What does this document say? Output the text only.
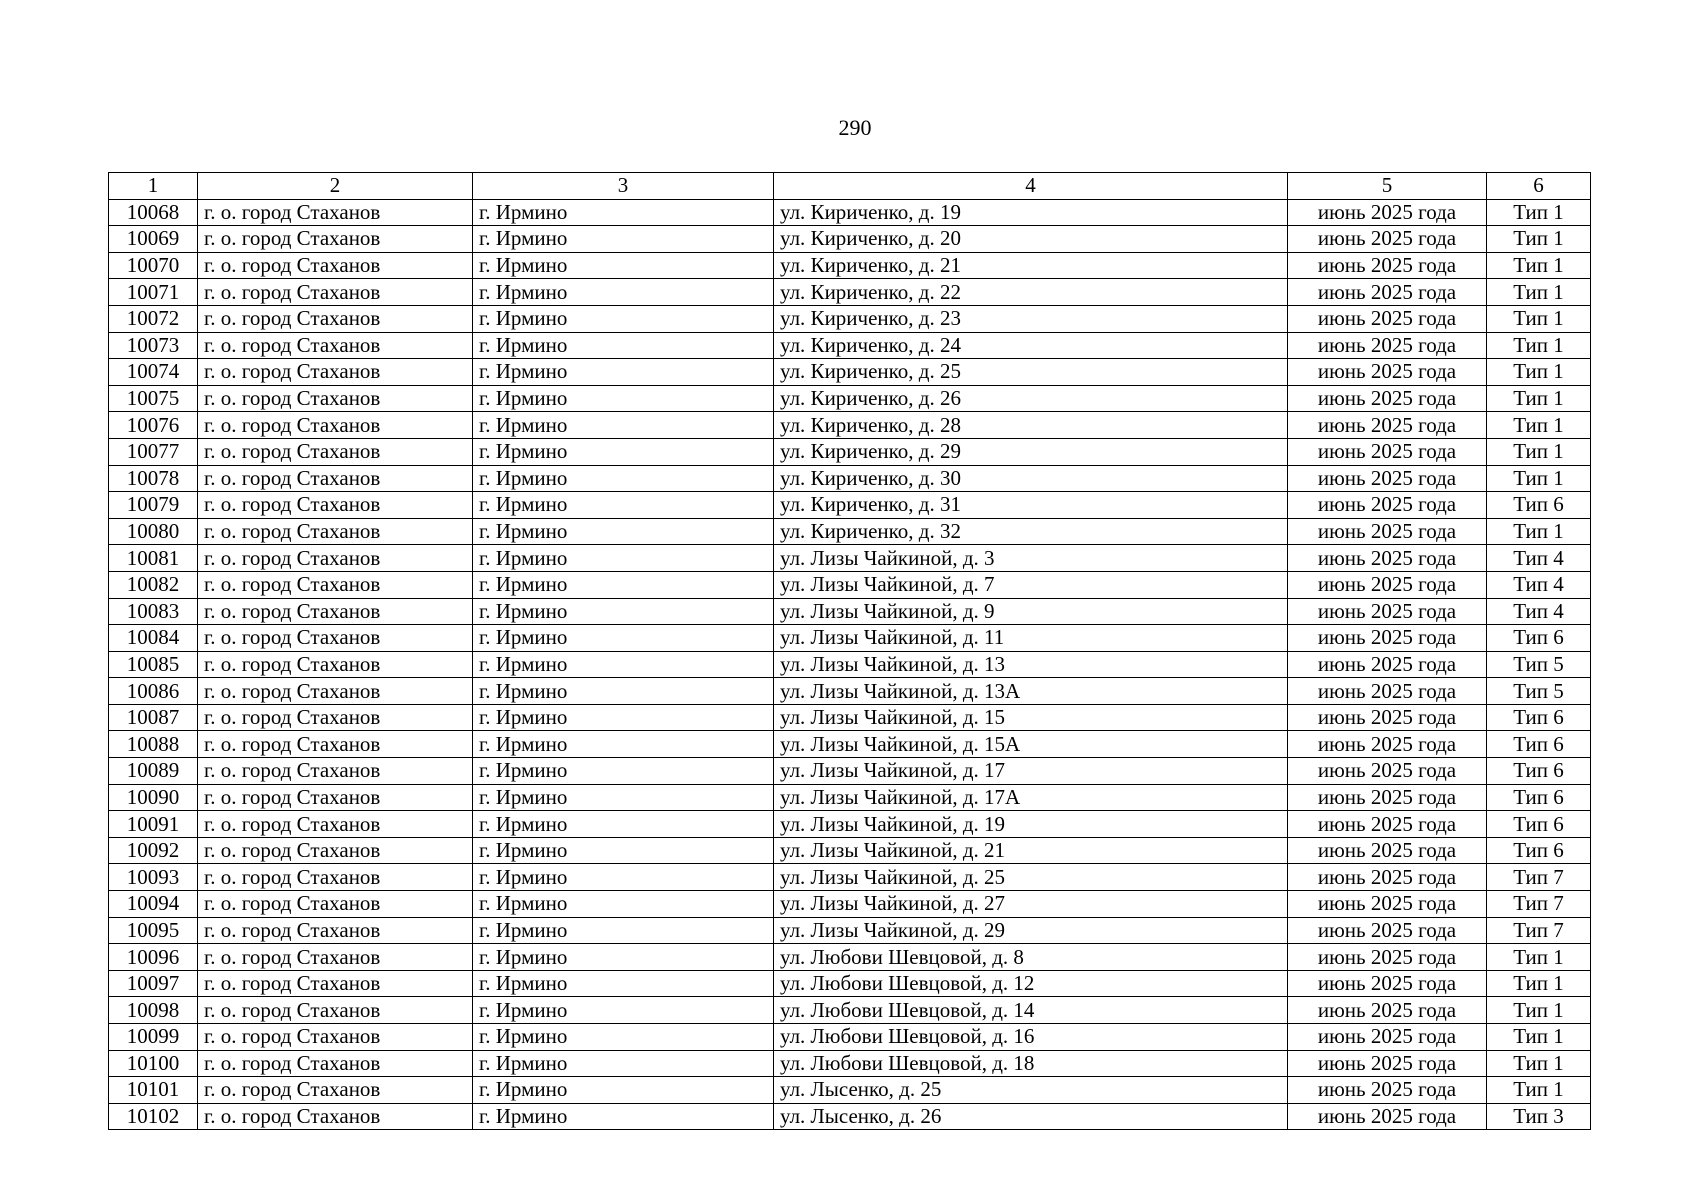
290
1	2	3	4	5	6
10068	г. о. город Стаханов	г. Ирмино	ул. Кириченко, д. 19	июнь 2025 года	Тип 1
10069	г. о. город Стаханов	г. Ирмино	ул. Кириченко, д. 20	июнь 2025 года	Тип 1
10070	г. о. город Стаханов	г. Ирмино	ул. Кириченко, д. 21	июнь 2025 года	Тип 1
10071	г. о. город Стаханов	г. Ирмино	ул. Кириченко, д. 22	июнь 2025 года	Тип 1
10072	г. о. город Стаханов	г. Ирмино	ул. Кириченко, д. 23	июнь 2025 года	Тип 1
10073	г. о. город Стаханов	г. Ирмино	ул. Кириченко, д. 24	июнь 2025 года	Тип 1
10074	г. о. город Стаханов	г. Ирмино	ул. Кириченко, д. 25	июнь 2025 года	Тип 1
10075	г. о. город Стаханов	г. Ирмино	ул. Кириченко, д. 26	июнь 2025 года	Тип 1
10076	г. о. город Стаханов	г. Ирмино	ул. Кириченко, д. 28	июнь 2025 года	Тип 1
10077	г. о. город Стаханов	г. Ирмино	ул. Кириченко, д. 29	июнь 2025 года	Тип 1
10078	г. о. город Стаханов	г. Ирмино	ул. Кириченко, д. 30	июнь 2025 года	Тип 1
10079	г. о. город Стаханов	г. Ирмино	ул. Кириченко, д. 31	июнь 2025 года	Тип 6
10080	г. о. город Стаханов	г. Ирмино	ул. Кириченко, д. 32	июнь 2025 года	Тип 1
10081	г. о. город Стаханов	г. Ирмино	ул. Лизы Чайкиной, д. 3	июнь 2025 года	Тип 4
10082	г. о. город Стаханов	г. Ирмино	ул. Лизы Чайкиной, д. 7	июнь 2025 года	Тип 4
10083	г. о. город Стаханов	г. Ирмино	ул. Лизы Чайкиной, д. 9	июнь 2025 года	Тип 4
10084	г. о. город Стаханов	г. Ирмино	ул. Лизы Чайкиной, д. 11	июнь 2025 года	Тип 6
10085	г. о. город Стаханов	г. Ирмино	ул. Лизы Чайкиной, д. 13	июнь 2025 года	Тип 5
10086	г. о. город Стаханов	г. Ирмино	ул. Лизы Чайкиной, д. 13А	июнь 2025 года	Тип 5
10087	г. о. город Стаханов	г. Ирмино	ул. Лизы Чайкиной, д. 15	июнь 2025 года	Тип 6
10088	г. о. город Стаханов	г. Ирмино	ул. Лизы Чайкиной, д. 15А	июнь 2025 года	Тип 6
10089	г. о. город Стаханов	г. Ирмино	ул. Лизы Чайкиной, д. 17	июнь 2025 года	Тип 6
10090	г. о. город Стаханов	г. Ирмино	ул. Лизы Чайкиной, д. 17А	июнь 2025 года	Тип 6
10091	г. о. город Стаханов	г. Ирмино	ул. Лизы Чайкиной, д. 19	июнь 2025 года	Тип 6
10092	г. о. город Стаханов	г. Ирмино	ул. Лизы Чайкиной, д. 21	июнь 2025 года	Тип 6
10093	г. о. город Стаханов	г. Ирмино	ул. Лизы Чайкиной, д. 25	июнь 2025 года	Тип 7
10094	г. о. город Стаханов	г. Ирмино	ул. Лизы Чайкиной, д. 27	июнь 2025 года	Тип 7
10095	г. о. город Стаханов	г. Ирмино	ул. Лизы Чайкиной, д. 29	июнь 2025 года	Тип 7
10096	г. о. город Стаханов	г. Ирмино	ул. Любови Шевцовой, д. 8	июнь 2025 года	Тип 1
10097	г. о. город Стаханов	г. Ирмино	ул. Любови Шевцовой, д. 12	июнь 2025 года	Тип 1
10098	г. о. город Стаханов	г. Ирмино	ул. Любови Шевцовой, д. 14	июнь 2025 года	Тип 1
10099	г. о. город Стаханов	г. Ирмино	ул. Любови Шевцовой, д. 16	июнь 2025 года	Тип 1
10100	г. о. город Стаханов	г. Ирмино	ул. Любови Шевцовой, д. 18	июнь 2025 года	Тип 1
10101	г. о. город Стаханов	г. Ирмино	ул. Лысенко, д. 25	июнь 2025 года	Тип 1
10102	г. о. город Стаханов	г. Ирмино	ул. Лысенко, д. 26	июнь 2025 года	Тип 3
